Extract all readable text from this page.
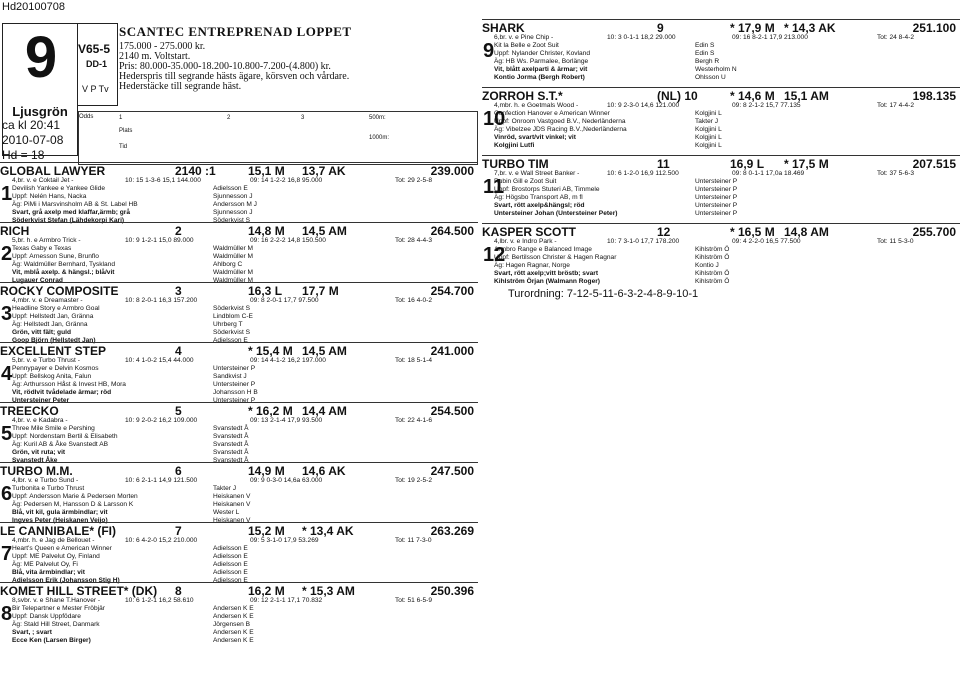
Hd20100708
9
Ljusgrön
V65-5
DD-1
V P Tv
SCANTEC ENTREPRENAD LOPPET
175.000 - 275.000 kr.
2140 m. Voltstart.
Pris: 80.000-35.000-18.200-10.800-7.200-(4.800) kr.
Hederspris till segrande hästs ägare, körsven och vårdare.
Hederstäcke till segrande häst.
ca kl 20:41
2010-07-08
Hd = 18
Odds
Plats
Tid
1	2	3	500m:
1000m:
GLOBAL LAWYER	2140 :1	15,1 M 13,7 AK	239.000
4,br. v. e Coktail Jet -	10: 15 1-3-6 15,1 144.000	09: 14 1-2-2 16,8 95.000	Tot: 29 2-5-8
1 Devilish Yankee e Yankee Glide	Adielsson E
Uppf: Nelén Hans, Nacka	Sjunnesson J
Äg: PiMi i Marsvinsholm AB & St. Label HB	Andersson M J
Svart, grå axelp med klaffar,ärmb; grå	Sjunnesson J
Söderkvist Stefan (Lähdekorpi Kari)	Söderkvist S
RICH	2	14,8 M 14,5 AM	264.500
5,br. h. e Armbro Trick -	10: 9 1-2-1 15,0 89.000	09: 16 2-2-2 14,8 150.500	Tot: 28 4-4-3
2 Texas Gaby e Texas	Waldmüller M
Uppf: Arnesson Sune, Brunflo	Waldmüller M
Äg: Waldmüller Bernhard, Tyskland	Ahlborg C
Vit, mblå axelp. & hängsl.; blå/vit	Waldmüller M
Lugauer Conrad	Waldmüller M
ROCKY COMPOSITE	3	16,3 L 17,7 M	254.700
4,mbr. v. e Dreamaster -	10: 8 2-0-1 16,3 157.200	09: 8 2-0-1 17,7 97.500	Tot: 16 4-0-2
3 Headline Story e Armbro Goal	Söderkvist S
Uppf: Hellstedt Jan, Gränna	Lindblom C-E
Äg: Hellstedt Jan, Gränna	Uhrberg T
Grön, vitt fält; guld	Söderkvist S
Goop Björn (Hellstedt Jan)	Adielsson E
EXCELLENT STEP	4	* 15,4 M 14,5 AM	241.000
5,br. v. e Turbo Thrust -	10: 4 1-0-2 15,4 44.000	09: 14 4-1-2 16,2 197.000	Tot: 18 5-1-4
4 Pennypayer e Delvin Kosmos	Untersteiner P
Uppf: Bellskog Anita, Falun	Sandkvist J
Äg: Arthursson Håst & Invest HB, Mora	Untersteiner P
Vit, rödlvit tvådelade ärmar; röd	Johansson H B
Untersteiner Peter	Untersteiner P
TREECKO	5	* 16,2 M 14,4 AM	254.500
4,br. v. e Kadabra -	10: 9 2-0-2 16,2 109.000	09: 13 2-1-4 17,9 93.500	Tot: 22 4-1-6
5 Three Mile Smile e Pershing	Svanstedt Å
Uppf: Nordenstam Bertil & Elisabeth	Svanstedt Å
Äg: Kuril AB & Åke Svanstedt AB	Svanstedt Å
Grön, vit ruta; vit	Svanstedt Å
Svanstedt Åke	Svanstedt Å
TURBO M.M.	6	14,9 M 14,6 AK	247.500
4,lbr. v. e Turbo Sund -	10: 6 2-1-1 14,9 121.500	09: 9 0-3-0 14,6a 63.000	Tot: 19 2-5-2
6 Turbonita e Turbo Thrust	Takter J
Uppf: Andersson Marie & Pedersen Morten	Heiskanen V
Äg: Pedersen M, Hansson D & Larsson K	Heiskanen V
Blå, vit kil, gula ärmbindlar; vit	Wester L
Ingves Peter (Heiskanen Veijo)	Heiskanen V
LE CANNIBALE* (FI)	7	15,2 M * 13,4 AK	263.269
4,mbr. h. e Jag de Bellouet -	10: 6 4-2-0 15,2 210.000	09: 5 3-1-0 17,9 53.269	Tot: 11 7-3-0
7 Heart's Queen e American Winner	Adielsson E
Uppf: ME Palvelut Oy, Finland	Adielsson E
Äg: ME Palvelut Oy, Fi	Adielsson E
Blå, vita ärmbindlar; vit	Adielsson E
Adielsson Erik (Johansson Stig H)	Adielsson E
KOMET HILL STREET* (DK) 8	16,2 M * 15,3 AM	250.396
8,svbr. v. e Shane T.Hanover -	10: 6 1-2-1 16,2 58.610	09: 12 2-1-1 17,1 70.832	Tot: 51 6-5-9
8 Bir Telepartner e Mester Fröbjär	Andersen K E
Uppf: Dansk Uppfödare	Andersen K E
Äg: Stald Hill Street, Danmark	Jörgensen B
Svart, ; svart	Andersen K E
Ecce Ken (Larsen Birger)	Andersen K E
SHARK	9	* 17,9 M * 14,3 AK	251.100
6,br. v. e Pine Chip -	10: 3 0-1-1 18,2 29.000	09: 16 8-2-1 17,9 213.000	Tot: 24 8-4-2
9 Kit la Belle e Zoot Suit	Edin S
Uppf: Nylander Christer, Kovland	Edin S
Äg: HB Ws. Parmalee, Borlänge	Bergh R
Vit, blått axelparti & ärmar; vit	Westerholm N
Kontio Jorma (Bergh Robert)	Ohlsson U
ZORROH S.T.*	(NL) 10	* 14,6 M 15,1 AM	198.135
4,mbr. h. e Goetmals Wood -	10: 9 2-3-0 14,6 121.000	09: 8 2-1-2 15,7 77.135	Tot: 17 4-4-2
10
Confection Hanover e American Winner	Kolgjini L
Uppf: Onroom Vastgoed B.V., Nederländerna	Takter J
Äg: Vibelzee JDS Racing B.V.,Nederländerna	Kolgjini L
Vinröd, svart/vit vinkel; vit	Kolgjini L
Kolgjini Lutfi	Kolgjini L
TURBO TIM	11	16,9 L * 17,5 M	207.515
7,br. v. e Wall Street Banker -	10: 6 1-2-0 16,9 112.500	09: 8 0-1-1 17,0a 18.469	Tot: 37 5-6-3
11
Rubin Gill e Zoot Suit	Untersteiner P
Uppf: Brostorps Stuteri AB, Timmele	Untersteiner P
Äg: Högsbo Transport AB, m fl	Untersteiner P
Svart, rött axelp&hängsl; röd	Untersteiner P
Untersteiner Johan (Untersteiner Peter)	Untersteiner P
KASPER SCOTT	12	* 16,5 M 14,8 AM	255.700
4,lbr. v. e Indro Park -	10: 7 3-1-0 17,7 178.200	09: 4 2-2-0 16,5 77.500	Tot: 11 5-3-0
12
Armbro Range e Balanced Image	Kihlström Ö
Uppf: Bertilsson Christer & Hagen Ragnar	Kihlström Ö
Äg: Hagen Ragnar, Norge	Kontio J
Svart, rött axelp;vitt bröstb; svart	Kihlström Ö
Kihlström Örjan (Walmann Roger)	Kihlström Ö
Turordning: 7-12-5-11-6-3-2-4-8-9-10-1
